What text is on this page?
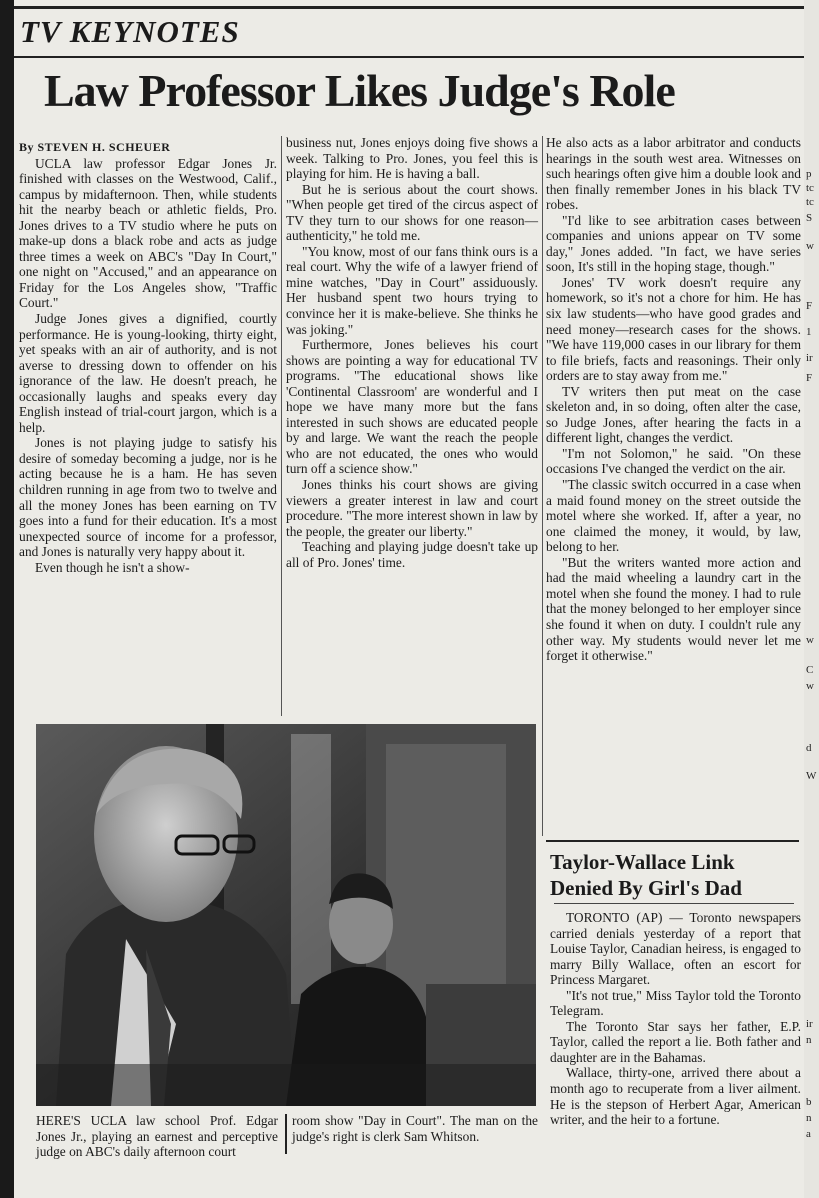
TV KEYNOTES
Law Professor Likes Judge's Role

By STEVEN H. SCHEUER

UCLA law professor Edgar Jones Jr. finished with classes on the Westwood, Calif., campus by midafternoon. Then, while students hit the nearby beach or athletic fields, Pro. Jones drives to a TV studio where he puts on make-up dons a black robe and acts as judge three times a week on ABC's "Day In Court," one night on "Accused," and an appearance on Friday for the Los Angeles show, "Traffic Court."

Judge Jones gives a dignified, courtly performance. He is young-looking, thirty eight, yet speaks with an air of authority, and is not averse to dressing down to offender on his ignorance of the law. He doesn't preach, he occasionally laughs and speaks every day English instead of trial-court jargon, which is a help.

Jones is not playing judge to satisfy his desire of someday becoming a judge, nor is he acting because he is a ham. He has seven children running in age from two to twelve and all the money Jones has been earning on TV goes into a fund for their education. It's a most unexpected source of income for a professor, and Jones is naturally very happy about it.

Even though he isn't a show-

business nut, Jones enjoys doing five shows a week. Talking to Pro. Jones, you feel this is playing for him. He is having a ball.

But he is serious about the court shows. "When people get tired of the circus aspect of TV they turn to our shows for one reason—authenticity," he told me.

"You know, most of our fans think ours is a real court. Why the wife of a lawyer friend of mine watches, "Day in Court" assiduously. Her husband spent two hours trying to convince her it is make-believe. She thinks he was joking."

Furthermore, Jones believes his court shows are pointing a way for educational TV programs. "The educational shows like 'Continental Classroom' are wonderful and I hope we have many more but the fans interested in such shows are educated people by and large. We want the reach the people who are not educated, the ones who would turn off a science show."

Jones thinks his court shows are giving viewers a greater interest in law and court procedure. "The more interest shown in law by the people, the greater our liberty."

Teaching and playing judge doesn't take up all of Pro. Jones' time.

He also acts as a labor arbitrator and conducts hearings in the south west area. Witnesses on such hearings often give him a double look and then finally remember Jones in his black TV robes.

"I'd like to see arbitration cases between companies and unions appear on TV some day," Jones added. "In fact, we have series soon, It's still in the hoping stage, though."

Jones' TV work doesn't require any homework, so it's not a chore for him. He has six law students—who have good grades and need money—research cases for the shows. "We have 119,000 cases in our library for them to file briefs, facts and reasonings. Their only orders are to stay away from me."

TV writers then put meat on the case skeleton and, in so doing, often alter the case, so Judge Jones, after hearing the facts in a different light, changes the verdict.

"I'm not Solomon," he said. "On these occasions I've changed the verdict on the air.

"The classic switch occurred in a case when a maid found money on the street outside the motel where she worked. If, after a year, no one claimed the money, it would, by law, belong to her.

"But the writers wanted more action and had the maid wheeling a laundry cart in the motel when she found the money. I had to rule that the money belonged to her employer since she found it when on duty. I couldn't rule any other way. My students would never let me forget it otherwise."

HERE'S UCLA law school Prof. Edgar Jones Jr., playing an earnest and perceptive judge on ABC's daily afternoon court
room show "Day in Court". The man on the judge's right is clerk Sam Whitson.
Taylor-Wallace Link Denied By Girl's Dad

TORONTO (AP) — Toronto newspapers carried denials yesterday of a report that Louise Taylor, Canadian heiress, is engaged to marry Billy Wallace, often an escort for Princess Margaret.

"It's not true," Miss Taylor told the Toronto Telegram.

The Toronto Star says her father, E.P. Taylor, called the report a lie. Both father and daughter are in the Bahamas.

Wallace, thirty-one, arrived there about a month ago to recuperate from a liver ailment. He is the stepson of Herbert Agar, American writer, and the heir to a fortune.

p
tc
tc
S
w
F
1
ir
F
w
w
C
d
W
ir
n
b
n
a
